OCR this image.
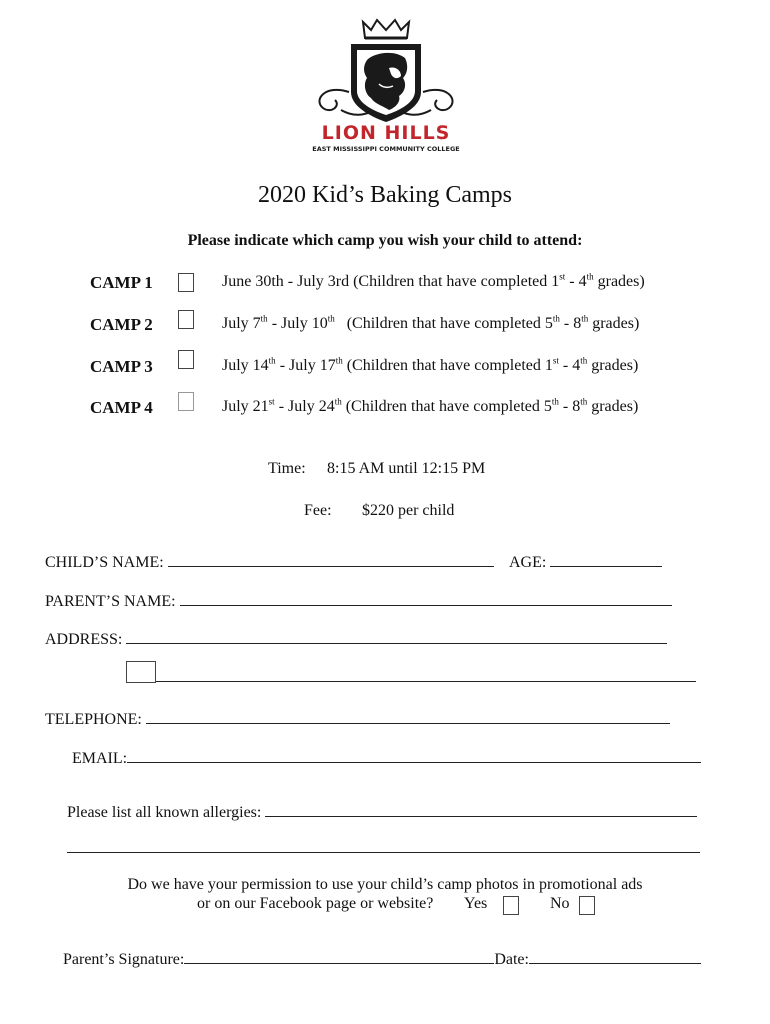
LION HILLS
EAST MISSISSIPPI COMMUNITY COLLEGE
2020 Kid’s Baking Camps
Please indicate which camp you wish your child to attend:
CAMP 1	June 30th - July 3rd (Children that have completed 1st - 4th grades)
CAMP 2	July 7th - July 10th   (Children that have completed 5th - 8th grades)
CAMP 3	July 14th - July 17th (Children that have completed 1st - 4th grades)
CAMP 4	July 21st - July 24th (Children that have completed 5th - 8th grades)
Time: 8:15 AM until 12:15 PM
Fee: $220 per child
CHILD’S NAME:	AGE:
PARENT’S NAME:
ADDRESS:
TELEPHONE:
EMAIL:
Please list all known allergies:
Do we have your permission to use your child’s camp photos in promotional ads
or on our Facebook page or website? Yes	No
Parent’s Signature:	Date:
